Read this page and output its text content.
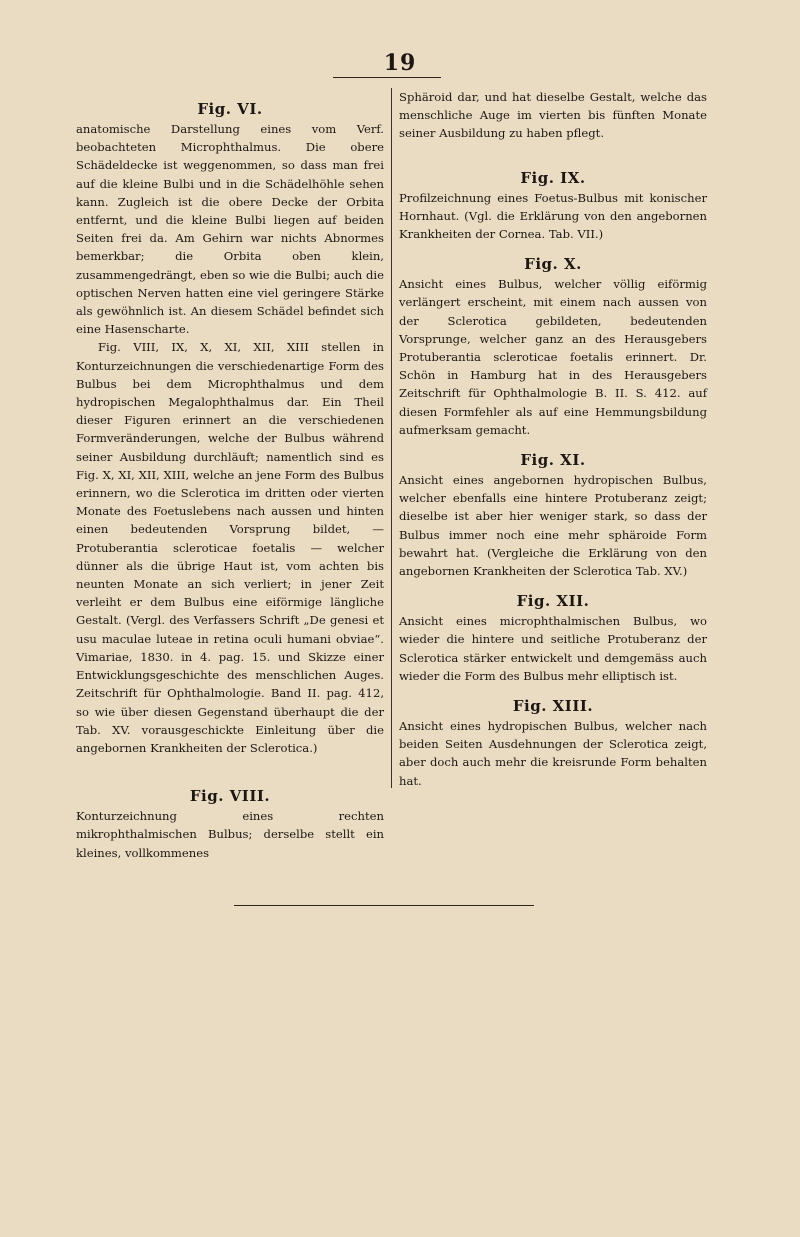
19
Fig. VI.

anatomische Darstellung eines vom Verf. beobachteten Microphthalmus. Die obere Schädeldecke ist weggenommen, so dass man frei auf die kleine Bulbi und in die Schädelhöhle sehen kann. Zugleich ist die obere Decke der Orbita entfernt, und die kleine Bulbi liegen auf beiden Seiten frei da. Am Gehirn war nichts Abnormes bemerkbar; die Orbita oben klein, zusammengedrängt, eben so wie die Bulbi; auch die optischen Nerven hatten eine viel geringere Stärke als gewöhnlich ist. An diesem Schädel befindet sich eine Hasenscharte.

Fig. VIII, IX, X, XI, XII, XIII stellen in Konturzeichnungen die verschiedenartige Form des Bulbus bei dem Microphthalmus und dem hydropischen Megalophthalmus dar. Ein Theil dieser Figuren erinnert an die verschiedenen Formveränderungen, welche der Bulbus während seiner Ausbildung durchläuft; namentlich sind es Fig. X, XI, XII, XIII, welche an jene Form des Bulbus erinnern, wo die Sclerotica im dritten oder vierten Monate des Foetuslebens nach aussen und hinten einen bedeutenden Vorsprung bildet, — Protuberantia scleroticae foetalis — welcher dünner als die übrige Haut ist, vom achten bis neunten Monate an sich verliert; in jener Zeit verleiht er dem Bulbus eine eiförmige längliche Gestalt. (Vergl. des Verfassers Schrift „De genesi et usu maculae luteae in retina oculi humani obviae“. Vimariae, 1830. in 4. pag. 15. und Skizze einer Entwicklungsgeschichte des menschlichen Auges. Zeitschrift für Ophthalmologie. Band II. pag. 412, so wie über diesen Gegenstand überhaupt die der Tab. XV. vorausgeschickte Einleitung über die angebornen Krankheiten der Sclerotica.)

Fig. VIII.

Konturzeichnung eines rechten mikrophthalmischen Bulbus; derselbe stellt ein kleines, vollkommenes

Sphäroid dar, und hat dieselbe Gestalt, welche das menschliche Auge im vierten bis fünften Monate seiner Ausbildung zu haben pflegt.

Fig. IX.

Profilzeichnung eines Foetus-Bulbus mit konischer Hornhaut. (Vgl. die Erklärung von den angebornen Krankheiten der Cornea. Tab. VII.)

Fig. X.

Ansicht eines Bulbus, welcher völlig eiförmig verlängert erscheint, mit einem nach aussen von der Sclerotica gebildeten, bedeutenden Vorsprunge, welcher ganz an des Herausgebers Protuberantia scleroticae foetalis erinnert. Dr. Schön in Hamburg hat in des Herausgebers Zeitschrift für Ophthalmologie B. II. S. 412. auf diesen Formfehler als auf eine Hemmungsbildung aufmerksam gemacht.

Fig. XI.

Ansicht eines angebornen hydropischen Bulbus, welcher ebenfalls eine hintere Protuberanz zeigt; dieselbe ist aber hier weniger stark, so dass der Bulbus immer noch eine mehr sphäroide Form bewahrt hat. (Vergleiche die Erklärung von den angebornen Krankheiten der Sclerotica Tab. XV.)

Fig. XII.

Ansicht eines microphthalmischen Bulbus, wo wieder die hintere und seitliche Protuberanz der Sclerotica stärker entwickelt und demgemäss auch wieder die Form des Bulbus mehr elliptisch ist.

Fig. XIII.

Ansicht eines hydropischen Bulbus, welcher nach beiden Seiten Ausdehnungen der Sclerotica zeigt, aber doch auch mehr die kreisrunde Form behalten hat.
